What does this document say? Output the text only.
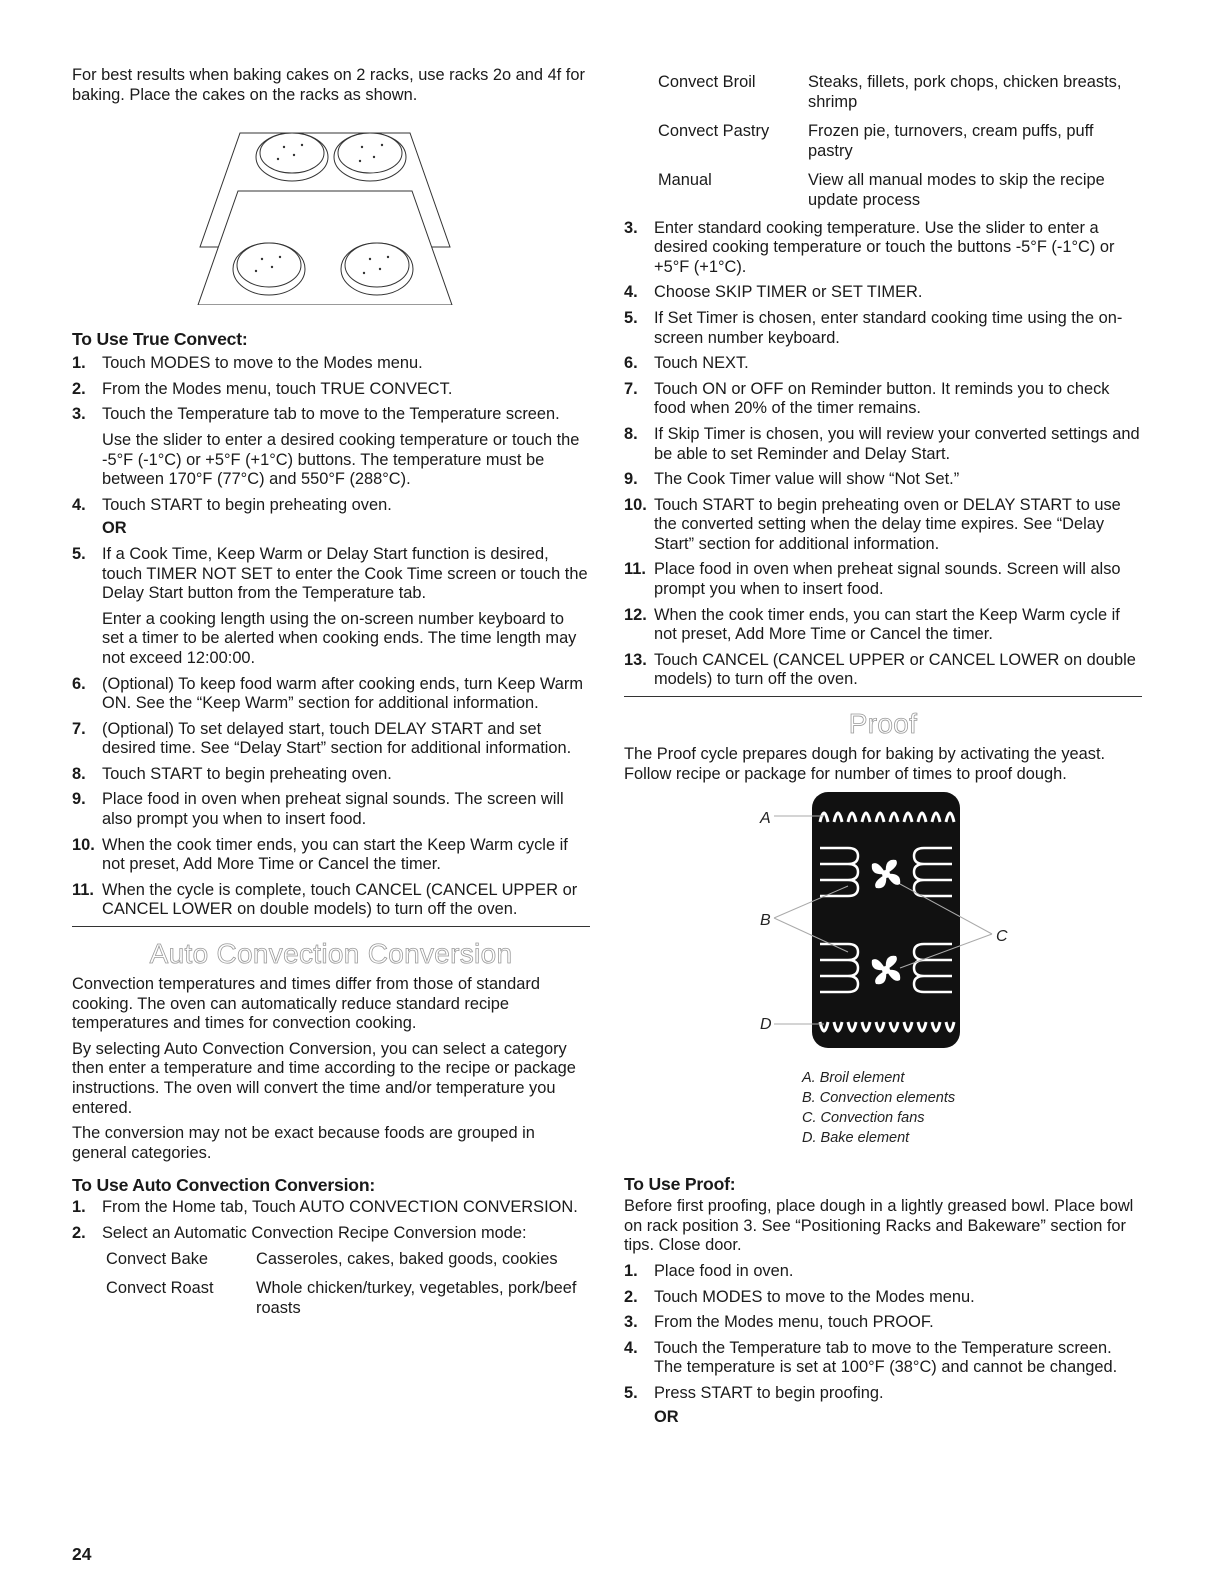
For best results when baking cakes on 2 racks, use racks 2o and 4f for baking. Place the cakes on the racks as shown.

To Use True Convect:
1. Touch MODES to move to the Modes menu.
2. From the Modes menu, touch TRUE CONVECT.
3. Touch the Temperature tab to move to the Temperature screen.
Use the slider to enter a desired cooking temperature or touch the -5°F (-1°C) or +5°F (+1°C) buttons. The temperature must be between 170°F (77°C) and 550°F (288°C).
4. Touch START to begin preheating oven.
OR
5. If a Cook Time, Keep Warm or Delay Start function is desired, touch TIMER NOT SET to enter the Cook Time screen or touch the Delay Start button from the Temperature tab.
Enter a cooking length using the on-screen number keyboard to set a timer to be alerted when cooking ends. The time length may not exceed 12:00:00.
6. (Optional) To keep food warm after cooking ends, turn Keep Warm ON. See the “Keep Warm” section for additional information.
7. (Optional) To set delayed start, touch DELAY START and set desired time. See “Delay Start” section for additional information.
8. Touch START to begin preheating oven.
9. Place food in oven when preheat signal sounds. The screen will also prompt you when to insert food.
10. When the cook timer ends, you can start the Keep Warm cycle if not preset, Add More Time or Cancel the timer.
11. When the cycle is complete, touch CANCEL (CANCEL UPPER or CANCEL LOWER on double models) to turn off the oven.
Auto Convection Conversion

Convection temperatures and times differ from those of standard cooking. The oven can automatically reduce standard recipe temperatures and times for convection cooking.

By selecting Auto Convection Conversion, you can select a category then enter a temperature and time according to the recipe or package instructions. The oven will convert the time and/or temperature you entered.

The conversion may not be exact because foods are grouped in general categories.

To Use Auto Convection Conversion:
1. From the Home tab, Touch AUTO CONVECTION CONVERSION.
2. Select an Automatic Convection Recipe Conversion mode:
Convect Bake	Casseroles, cakes, baked goods, cookies
Convect Roast	Whole chicken/turkey, vegetables, pork/beef roasts
Convect Broil	Steaks, fillets, pork chops, chicken breasts, shrimp
Convect Pastry	Frozen pie, turnovers, cream puffs, puff pastry
Manual	View all manual modes to skip the recipe update process
3. Enter standard cooking temperature. Use the slider to enter a desired cooking temperature or touch the buttons -5°F (-1°C) or +5°F (+1°C).
4. Choose SKIP TIMER or SET TIMER.
5. If Set Timer is chosen, enter standard cooking time using the on-screen number keyboard.
6. Touch NEXT.
7. Touch ON or OFF on Reminder button. It reminds you to check food when 20% of the timer remains.
8. If Skip Timer is chosen, you will review your converted settings and be able to set Reminder and Delay Start.
9. The Cook Timer value will show “Not Set.”
10. Touch START to begin preheating oven or DELAY START to use the converted setting when the delay time expires. See “Delay Start” section for additional information.
11. Place food in oven when preheat signal sounds. Screen will also prompt you when to insert food.
12. When the cook timer ends, you can start the Keep Warm cycle if not preset, Add More Time or Cancel the timer.
13. Touch CANCEL (CANCEL UPPER or CANCEL LOWER on double models) to turn off the oven.
Proof

The Proof cycle prepares dough for baking by activating the yeast. Follow recipe or package for number of times to proof dough.

A
B
C
D
A. Broil element
B. Convection elements
C. Convection fans
D. Bake element
To Use Proof:

Before first proofing, place dough in a lightly greased bowl. Place bowl on rack position 3. See “Positioning Racks and Bakeware” section for tips. Close door.

1. Place food in oven.
2. Touch MODES to move to the Modes menu.
3. From the Modes menu, touch PROOF.
4. Touch the Temperature tab to move to the Temperature screen. The temperature is set at 100°F (38°C) and cannot be changed.
5. Press START to begin proofing.
OR
24
